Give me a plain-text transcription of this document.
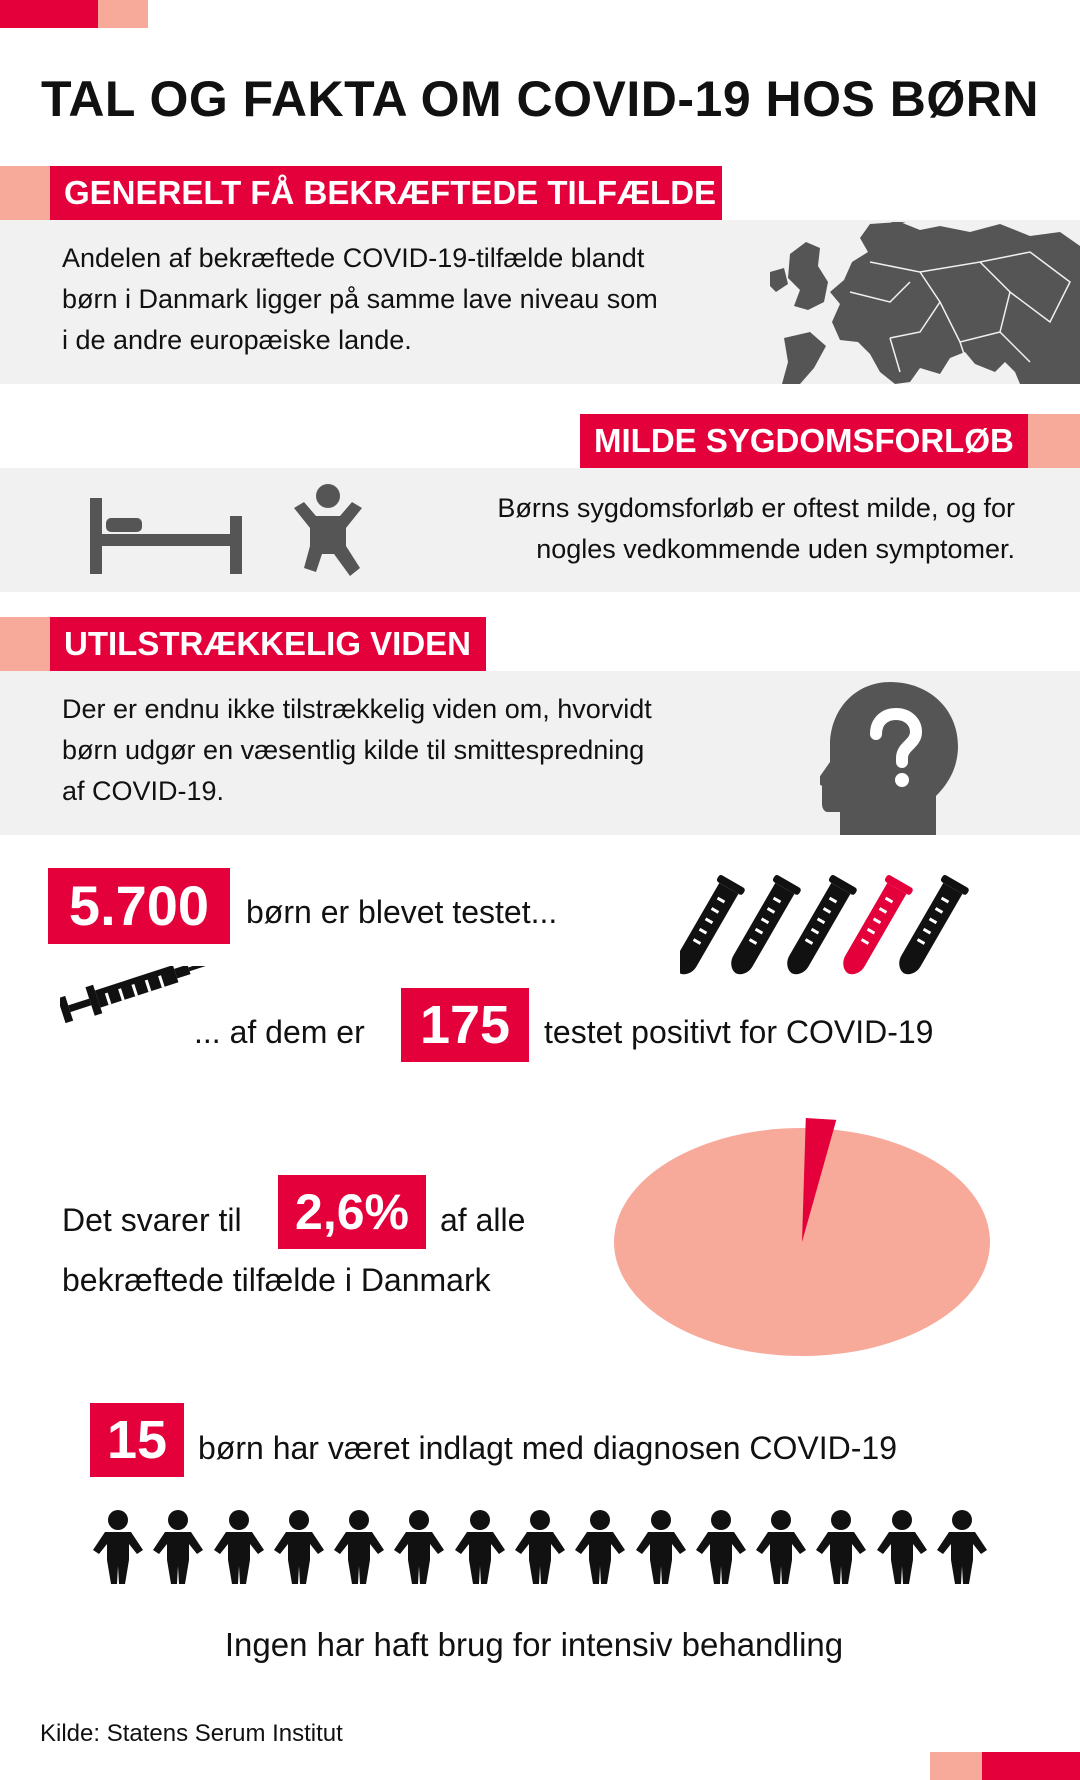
TAL OG FAKTA OM COVID-19 HOS BØRN
GENERELT FÅ BEKRÆFTEDE TILFÆLDE
Andelen af bekræftede COVID-19-tilfælde blandt
børn i Danmark ligger på samme lave niveau som
i de andre europæiske lande.
MILDE SYGDOMSFORLØB
Børns sygdomsforløb er oftest milde, og for
nogles vedkommende uden symptomer.
UTILSTRÆKKELIG VIDEN
Der er endnu ikke tilstrækkelig viden om, hvorvidt
børn udgør en væsentlig kilde til smittespredning
af COVID-19.
5.700	børn er blevet testet...
... af dem er	175	testet positivt for COVID-19
Det svarer til	2,6% af alle
bekræftede tilfælde i Danmark
15 børn har været indlagt med diagnosen COVID-19
Ingen har haft brug for intensiv behandling
Kilde: Statens Serum Institut
